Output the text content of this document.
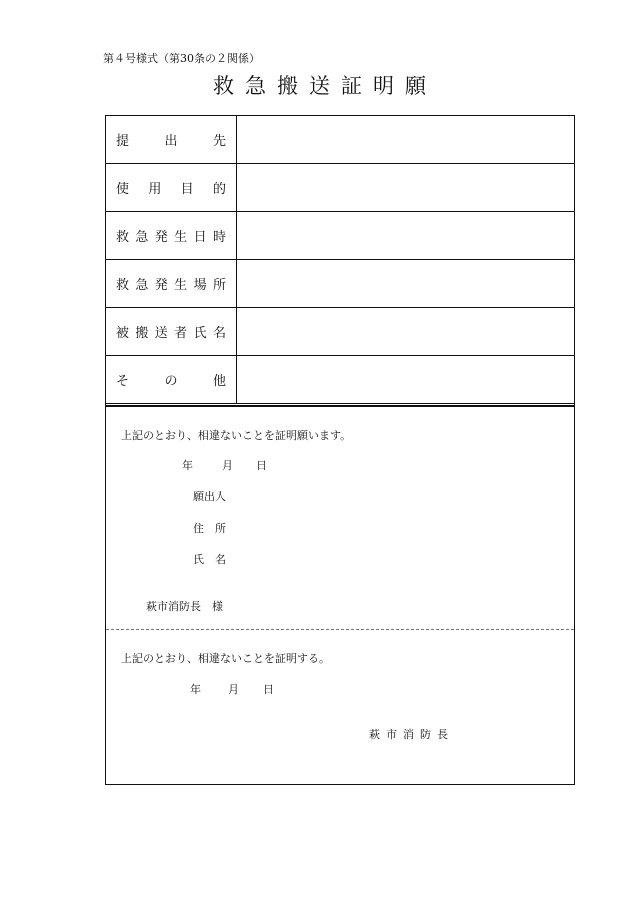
第４号様式（第30条の２関係）
救急搬送証明願
提	出	先
使 用 目 的
救 急 発 生 日 時
救 急 発 生 場 所
被 搬 送 者 氏 名
そ	の	他
上記のとおり、相違ないことを証明願います。
年	月 日
願出人
住　所
氏　名
萩市消防長　様
上記のとおり、相違ないことを証明する。
年 月 日
萩市消防長
